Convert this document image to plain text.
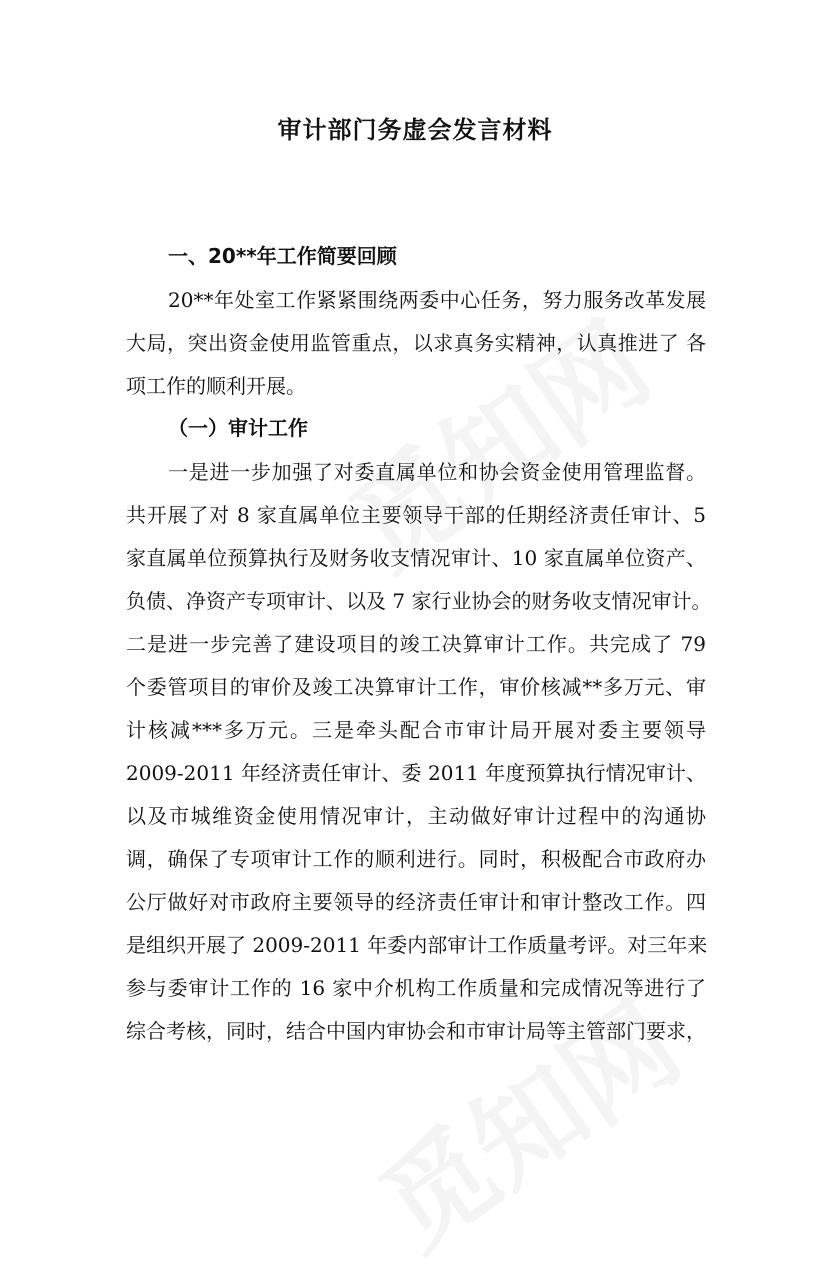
审计部门务虚会发言材料
一、20**年工作简要回顾
20**年处室工作紧紧围绕两委中心任务，努力服务改革发展
大局，突出资金使用监管重点，以求真务实精神，认真推进了 各
项工作的顺利开展。
（一）审计工作
一是进一步加强了对委直属单位和协会资金使用管理监督。
共开展了对 8 家直属单位主要领导干部的任期经济责任审计、5
家直属单位预算执行及财务收支情况审计、10 家直属单位资产、
负债、净资产专项审计、以及 7 家行业协会的财务收支情况审计。
二是进一步完善了建设项目的竣工决算审计工作。共完成了 79
个委管项目的审价及竣工决算审计工作，审价核减**多万元、审
计核减***多万元。三是牵头配合市审计局开展对委主要领导
2009-2011 年经济责任审计、委 2011 年度预算执行情况审计、
以及市城维资金使用情况审计，主动做好审计过程中的沟通协
调，确保了专项审计工作的顺利进行。同时，积极配合市政府办
公厅做好对市政府主要领导的经济责任审计和审计整改工作。四
是组织开展了 2009-2011 年委内部审计工作质量考评。对三年来
参与委审计工作的 16 家中介机构工作质量和完成情况等进行了
综合考核，同时，结合中国内审协会和市审计局等主管部门要求，
